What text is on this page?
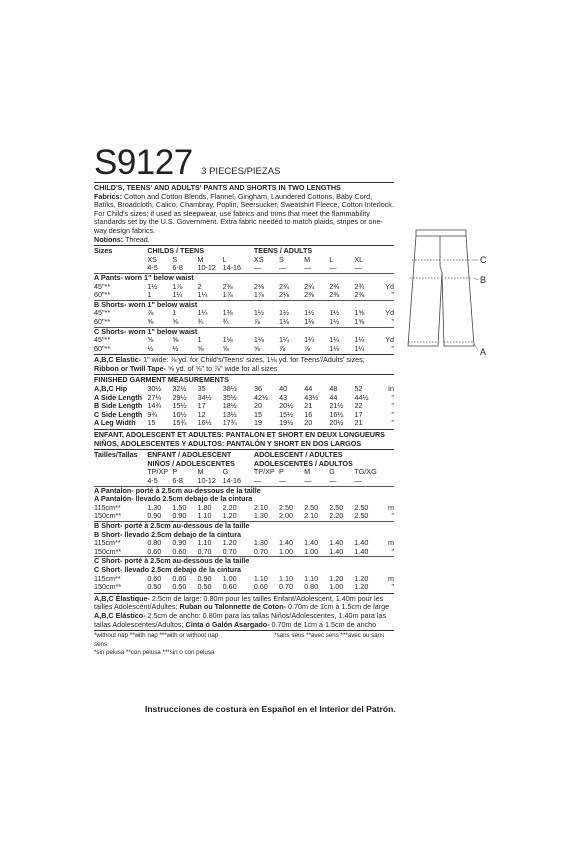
S9127 3 PIECES/PIEZAS

CHILD'S, TEENS' AND ADULTS' PANTS AND SHORTS IN TWO LENGTHS

Fabrics: Cotton and Cotton Blends, Flannel, Gingham, Laundered Cottons, Baby Cord, Batiks, Broadcloth, Calico, Chambray, Poplin, Seersucker, Sweatshirt Fleece, Cotton Interlock. For Child's sizes; if used as sleepwear, use fabrics and trims that meet the flammability standards set by the U.S. Government. Extra fabric needed to match plaids, stripes or one-way design fabrics.

Notions: Thread.

Sizes	CHILDS / TEENS					TEENS / ADULTS					
	XS	S	M	L		XS	S	M	L	XL	
	4-5	6-8	10-12	14-16		—	—	—	—	—	
A Pants- worn 1" below waist											
45"**	1½	1⅞	2	2⅜		2⅜	2¾	2¾	2¾	2¾	Yd
60"**	1	1¼	1¼	1⅞		1⅞	2⅛	2⅜	2⅜	2⅜	"
B Shorts- worn 1" below waist											
45"**	⅞	1	1¼	1⅜		1½	1½	1½	1½	1⅝	Yd
60"**	⅝	⅝	¾	¾		⅞	1⅛	1⅛	1½	1⅝	"
C Shorts- worn 1" below waist											
45"**	⅝	⅝	1	1⅛		1⅛	1¼	1¼	1¼	1¼	Yd
60"**	½	½	⅝	⅝		⅝	⅞	⅞	1⅛	1¼	"

A,B,C Elastic- 1" wide: ⅞ yd. for Child's/Teens' sizes, 1⅛ yd. for Teens'/Adults' sizes;

Ribbon or Twill Tape- ⅝ yd. of ⅝" to ⅞" wide for all sizes

FINISHED GARMENT MEASUREMENTS

A,B,C Hip	30½	32½	35	38½		36	40	44	48	52	In
A Side Length	27¼	29½	34½	35½		42½	43	43½	44	44½	"
B Side Length	14¾	15½	17	18½		20	20½	21	21½	22	"
C Side Length	9¾	10½	12	13½		15	15½	16	16½	17	"
A Leg Width	15	15¾	16½	17¾		19	19½	20	20½	21	"

ENFANT, ADOLESCENT ET ADULTES: PANTALON ET SHORT EN DEUX LONGUEURS

NIÑOS, ADOLESCENTES Y ADULTOS: PANTALÓN Y SHORT EN DOS LARGOS

Tailles/Tallas	ENFANT / ADOLESCENT					ADOLESCENT / ADULTES					
	NIÑOS / ADOLESCENTES					ADOLESCENTES / ADULTOS					
	TP/XP	P	M	G		TP/XP	P	M	G	TG/XG	
	4-5	6-8	10-12	14-16		—	—	—	—	—	
A Pantalon- porté à 2.5cm au-dessous de la taille											
A Pantalón- llevado 2.5cm debajo de la cintura											
115cm**	1.30	1.50	1.80	2.20		2.10	2.50	2.50	2.50	2.50	m
150cm**	0.90	0.90	1.10	1.20		1.30	2.00	2.10	2.20	2.50	"
B Short- porté à 2.5cm au-dessous de la taille											
B Short- llevado 2.5cm debajo de la cintura											
115cm**	0.80	0.90	1.10	1.20		1.30	1.40	1.40	1.40	1.40	m
150cm**	0.60	0.60	0.70	0.70		0.70	1.00	1.00	1.40	1.40	"
C Short- porté à 2.5cm au-dessous de la taille											
C Short- llevado 2.5cm debajo de la cintura											
115cm**	0.60	0.60	0.90	1.00		1.10	1.10	1.10	1.20	1.20	m
150cm**	0.50	0.50	0.50	0.60		0.60	0.70	0.80	1.00	1.20	"

A,B,C Élastique- 2.5cm de large: 0.80m pour les tailles Enfant/Adolescent, 1.40m pour les tailles Adolescent/Adultes; Ruban ou Talonnette de Coton- 0.70m de 1cm à 1.5cm de large

A,B,C Elástico- 2.5cm de ancho: 0.80m para las tallas Niños/Adolescentes, 1.40m para las tallas Adolescentes/Adultos; Cinta o Galón Asargado- 0.70m de 1cm a 1.5cm de ancho

*without nap **with nap ***with or without nap	*sans sens **avec sens ***avec ou sans sens

*sin pelusa **con pelusa ***sin o con pelusa

Instrucciones de costura en Español en el Interior del Patrón.
C
B
A
